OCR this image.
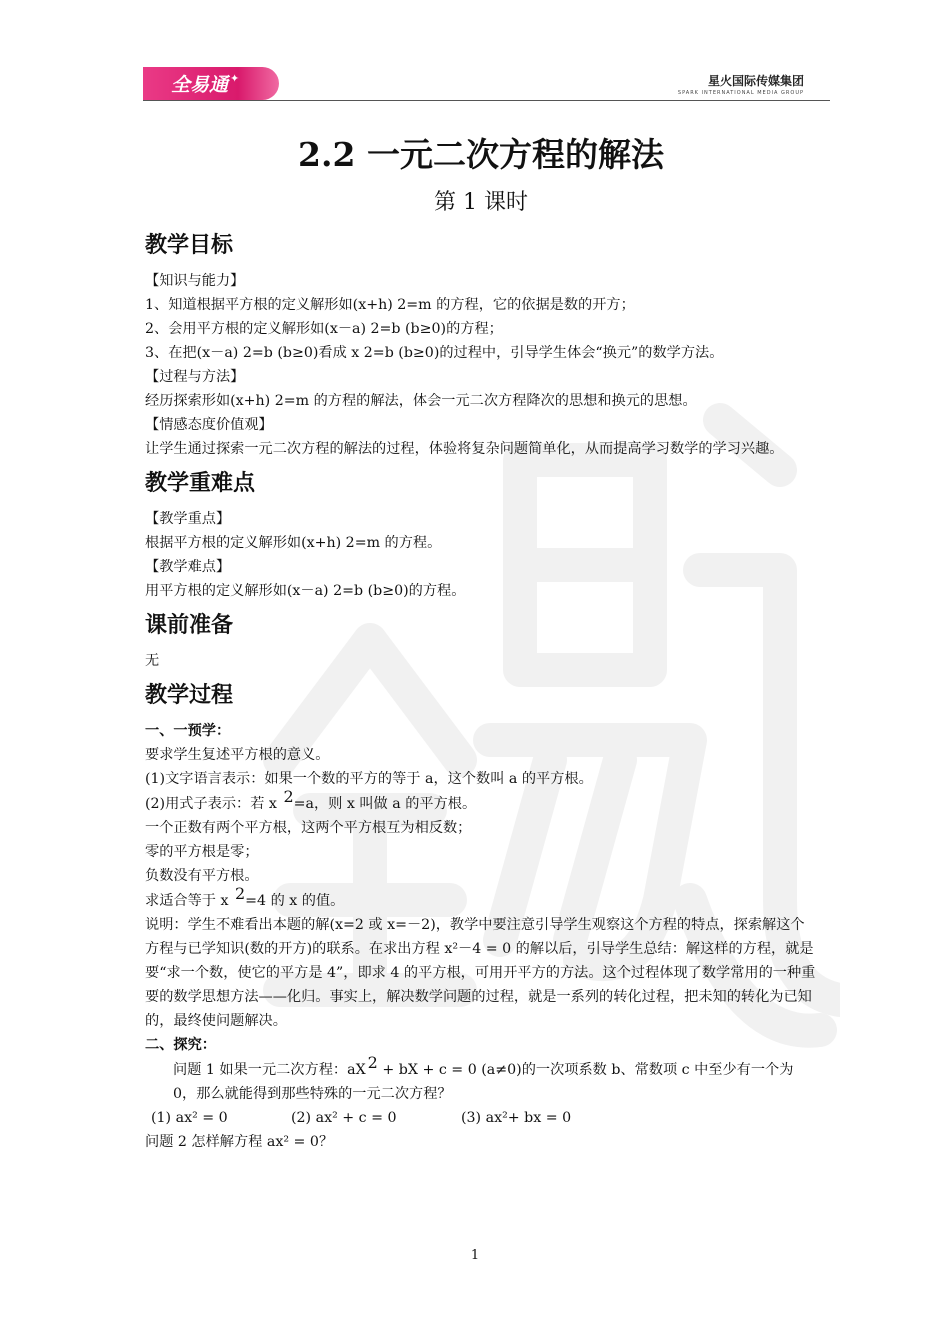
全易通 ✦	星火国际传媒集团
SPARK INTERNATIONAL MEDIA GROUP
2.2 一元二次方程的解法

第 1 课时

教学目标

【知识与能力】

1、知道根据平方根的定义解形如(x+h) 2=m 的方程，它的依据是数的开方；

2、会用平方根的定义解形如(x－a) 2=b (b≥0)的方程；

3、在把(x－a) 2=b (b≥0)看成 x 2=b (b≥0)的过程中，引导学生体会“换元”的数学方法。

【过程与方法】

经历探索形如(x+h) 2=m 的方程的解法，体会一元二次方程降次的思想和换元的思想。

【情感态度价值观】

让学生通过探索一元二次方程的解法的过程，体验将复杂问题简单化，从而提高学习数学的学习兴趣。

教学重难点

【教学重点】

根据平方根的定义解形如(x+h) 2=m 的方程。

【教学难点】

用平方根的定义解形如(x－a) 2=b (b≥0)的方程。

课前准备

无

教学过程

一、一预学：

要求学生复述平方根的意义。

(1)文字语言表示：如果一个数的平方的等于 a，这个数叫 a 的平方根。

(2)用式子表示：若 x 2=a，则 x 叫做 a 的平方根。

一个正数有两个平方根，这两个平方根互为相反数；

零的平方根是零；

负数没有平方根。

求适合等于 x 2=4 的 x 的值。

说明：学生不难看出本题的解(x=2 或 x=－2)，教学中要注意引导学生观察这个方程的特点，探索解这个方程与已学知识(数的开方)的联系。在求出方程 x²－4 = 0 的解以后，引导学生总结：解这样的方程，就是要“求一个数，使它的平方是 4”，即求 4 的平方根，可用开平方的方法。这个过程体现了数学常用的一种重要的数学思想方法——化归。事实上，解决数学问题的过程，就是一系列的转化过程，把未知的转化为已知的，最终使问题解决。

二、探究：

问题 1 如果一元二次方程：aX 2 + bX + c = 0 (a≠0)的一次项系数 b、常数项 c 中至少有一个为 0，那么就能得到那些特殊的一元二次方程？

(1) ax² = 0	(2) ax² + c = 0	(3) ax²+ bx = 0

问题 2 怎样解方程 ax² = 0？

1
